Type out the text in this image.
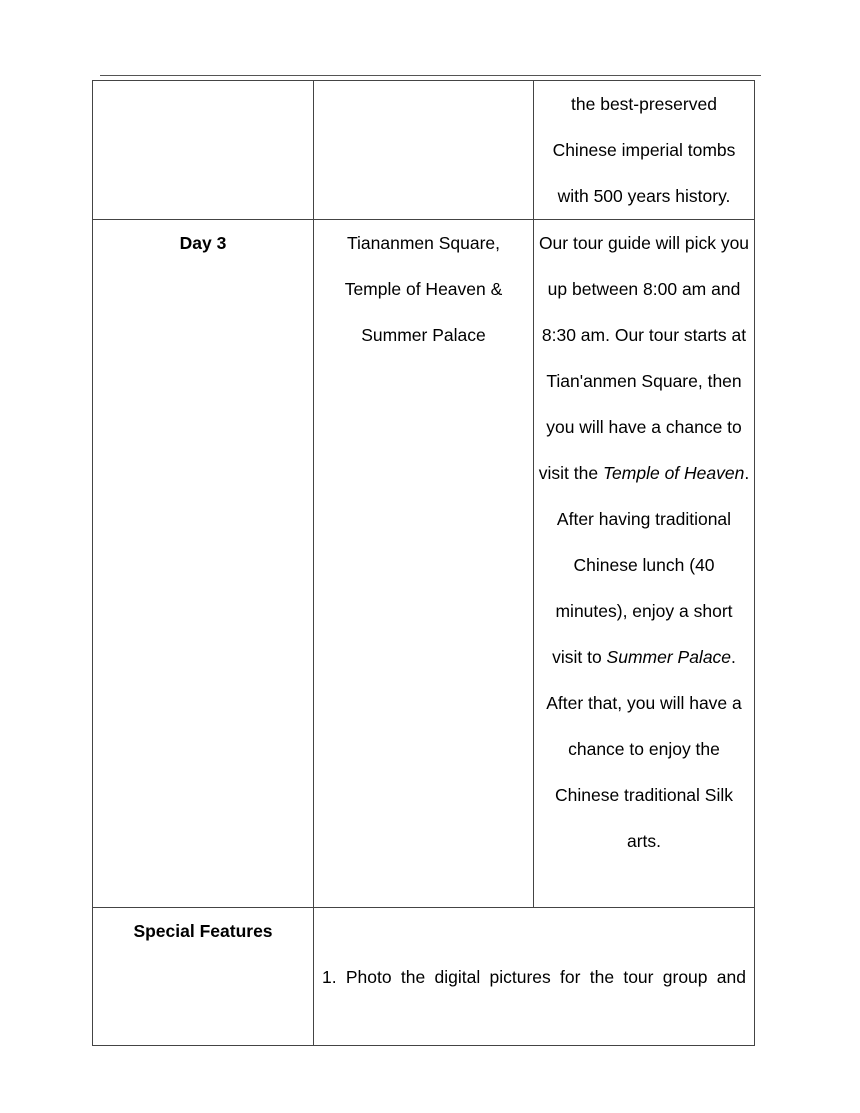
		the best-preserved Chinese imperial tombs with 500 years history.
Day 3	Tiananmen Square, Temple of Heaven & Summer Palace	Our tour guide will pick you up between 8:00 am and 8:30 am. Our tour starts at Tian'anmen Square, then you will have a chance to visit the Temple of Heaven. After having traditional Chinese lunch (40 minutes), enjoy a short visit to Summer Palace. After that, you will have a chance to enjoy the Chinese traditional Silk arts.

Special Features	1. Photo the digital pictures for the tour group and	
